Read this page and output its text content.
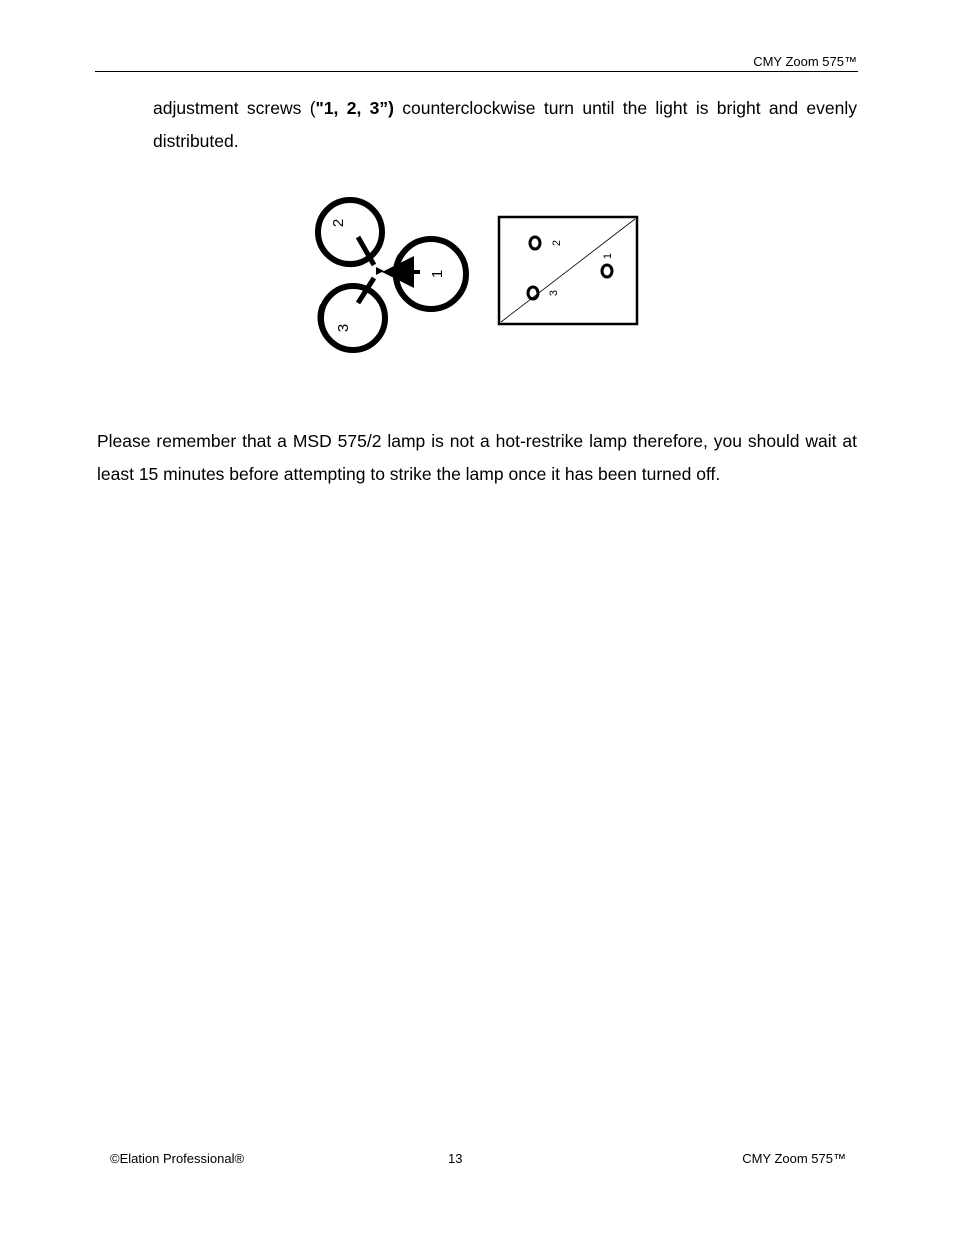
CMY Zoom 575™

adjustment screws ("1, 2, 3”) counterclockwise turn until the light is bright and evenly distributed.

2
3
1
2
3
1

Please remember that a MSD 575/2 lamp is not a hot-restrike lamp therefore, you should wait at least 15 minutes before attempting to strike the lamp once it has been turned off.

©Elation Professional®	13	CMY Zoom 575™
